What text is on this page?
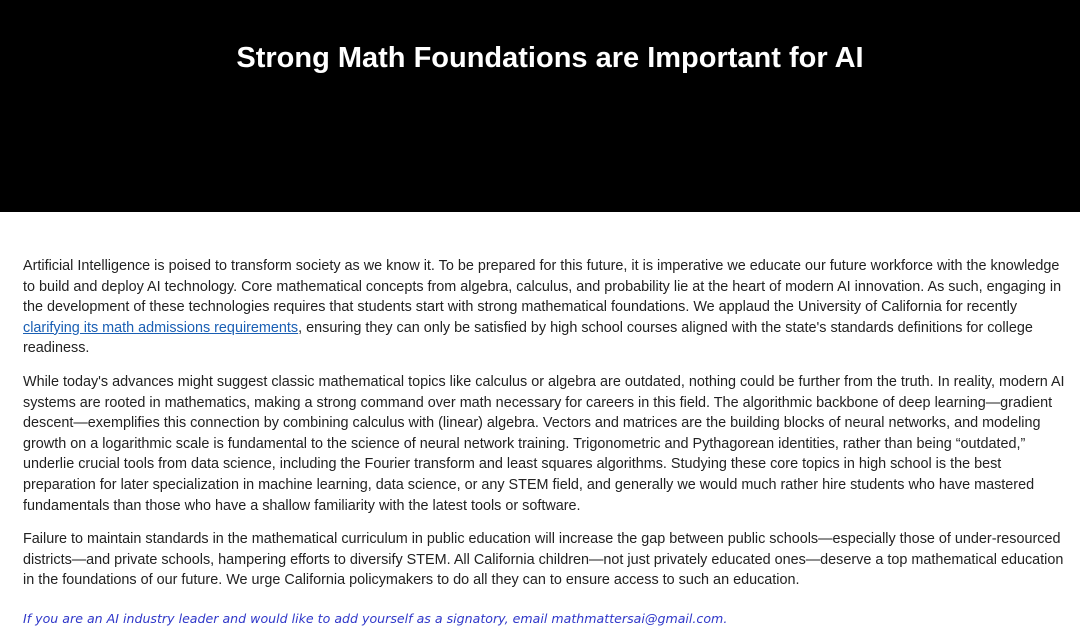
Strong Math Foundations are Important for AI

Artificial Intelligence is poised to transform society as we know it. To be prepared for this future, it is imperative we educate our future workforce with the knowledge to build and deploy AI technology. Core mathematical concepts from algebra, calculus, and probability lie at the heart of modern AI innovation. As such, engaging in the development of these technologies requires that students start with strong mathematical foundations. We applaud the University of California for recently clarifying its math admissions requirements, ensuring they can only be satisfied by high school courses aligned with the state's standards definitions for college readiness.

While today's advances might suggest classic mathematical topics like calculus or algebra are outdated, nothing could be further from the truth. In reality, modern AI systems are rooted in mathematics, making a strong command over math necessary for careers in this field. The algorithmic backbone of deep learning—gradient descent—exemplifies this connection by combining calculus with (linear) algebra. Vectors and matrices are the building blocks of neural networks, and modeling growth on a logarithmic scale is fundamental to the science of neural network training. Trigonometric and Pythagorean identities, rather than being “outdated,” underlie crucial tools from data science, including the Fourier transform and least squares algorithms. Studying these core topics in high school is the best preparation for later specialization in machine learning, data science, or any STEM field, and generally we would much rather hire students who have mastered fundamentals than those who have a shallow familiarity with the latest tools or software.

Failure to maintain standards in the mathematical curriculum in public education will increase the gap between public schools—especially those of under-resourced districts—and private schools, hampering efforts to diversify STEM. All California children—not just privately educated ones—deserve a top mathematical education in the foundations of our future. We urge California policymakers to do all they can to ensure access to such an education.

If you are an AI industry leader and would like to add yourself as a signatory, email mathmattersai@gmail.com.
